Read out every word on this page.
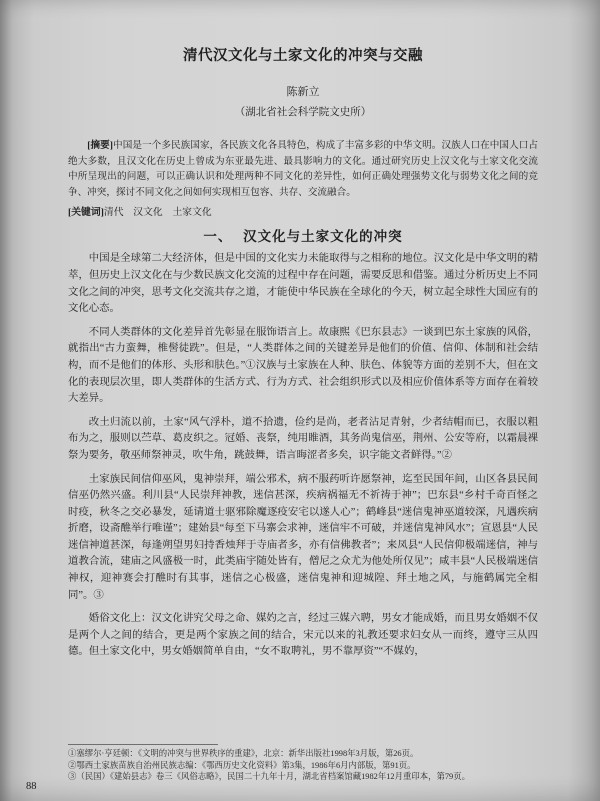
清代汉文化与土家文化的冲突与交融
陈新立
（湖北省社会科学院文史所）

[摘要]中国是一个多民族国家，各民族文化各具特色，构成了丰富多彩的中华文明。汉族人口在中国人口占绝大多数，且汉文化在历史上曾成为东亚最先进、最具影响力的文化。通过研究历史上汉文化与土家文化交流中所呈现出的问题，可以正确认识和处理两种不同文化的差异性，如何正确处理强势文化与弱势文化之间的竞争、冲突，探讨不同文化之间如何实现相互包容、共存、交流融合。

[关键词]清代　汉文化　土家文化

一、 汉文化与土家文化的冲突

中国是全球第二大经济体，但是中国的文化实力未能取得与之相称的地位。汉文化是中华文明的精萃，但历史上汉文化在与少数民族文化交流的过程中存在问题，需要反思和借鉴。通过分析历史上不同文化之间的冲突，思考文化交流共存之道，才能使中华民族在全球化的今天，树立起全球性大国应有的文化心态。

不同人类群体的文化差异首先彰显在服饰语言上。故康熙《巴东县志》一谈到巴东土家族的风俗，就指出“古力蛮舞，椎髻徒跣”。但是，“人类群体之间的关键差异是他们的价值、信仰、体制和社会结构，而不是他们的体形、头形和肤色。”①汉族与土家族在人种、肤色、体貌等方面的差别不大，但在文化的表现层次里，即人类群体的生活方式、行为方式、社会组织形式以及相应价值体系等方面存在着较大差异。

改土归流以前，土家“风气浮朴，道不拾遗，俭约是尚，老者沾足青射，少者结帽而已，衣服以粗布为之，服则以苎草、葛皮织之。冠婚、丧祭，纯用睢酒，其务尚鬼信巫，荆州、公安等府，以霜晨裸祭为要务，敬巫师祭神灵，吹牛角，跳鼓舞，语言晦涩者多矣，识字能文者鲜得。”②

土家族民间信仰巫风，鬼神崇拜，端公邪术，病不服药听许愿祭神，迄至民国年间，山区各县民间信巫仍然兴盛。利川县“人民崇拜神教，迷信甚深，疾病祸福无不祈祷于神”；巴东县“乡村千奇百怪之时疫，秋冬之交必暴发，延请道士驱邪除魔逐疫安宅以遂人心”；鹤峰县“迷信鬼神巫道较深，凡遇疾病折磨，设斋醮举行唯谨”；建始县“每至下马寨会求神，迷信牢不可破，并迷信鬼神风水”；宣恩县“人民迷信神道甚深，每逢朔望男妇持香烛拜于寺庙者多，亦有信佛教者”；来凤县“人民信仰极端迷信，神与道教合流，建庙之风盛极一时，此类庙宇随处皆有，僧尼之众尤为他处所仅见”；咸丰县“人民极端迷信神权，迎神赛会打醮时有其事，迷信之心极盛，迷信鬼神和迎城隍、拜土地之风，与施鹤属完全相同”。③

婚俗文化上：汉文化讲究父母之命、媒妁之言，经过三媒六聘，男女才能成婚，而且男女婚姻不仅是两个人之间的结合，更是两个家族之间的结合，宋元以来的礼教还要求妇女从一而终，遵守三从四德。但土家文化中，男女婚姻简单自由，“女不取聘礼，男不靠厚资”“不媒妁，

①塞缪尔·亨廷顿：《文明的冲突与世界秩序的重建》，北京：新华出版社1998年3月版，第26页。
②鄂西土家族苗族自治州民族志编：《鄂西历史文化资料》第3集，1986年6月内部版，第91页。
③（民国）《建始县志》卷三《风俗志略》，民国二十九年十月，湖北省档案馆藏1982年12月重印本，第79页。
88
